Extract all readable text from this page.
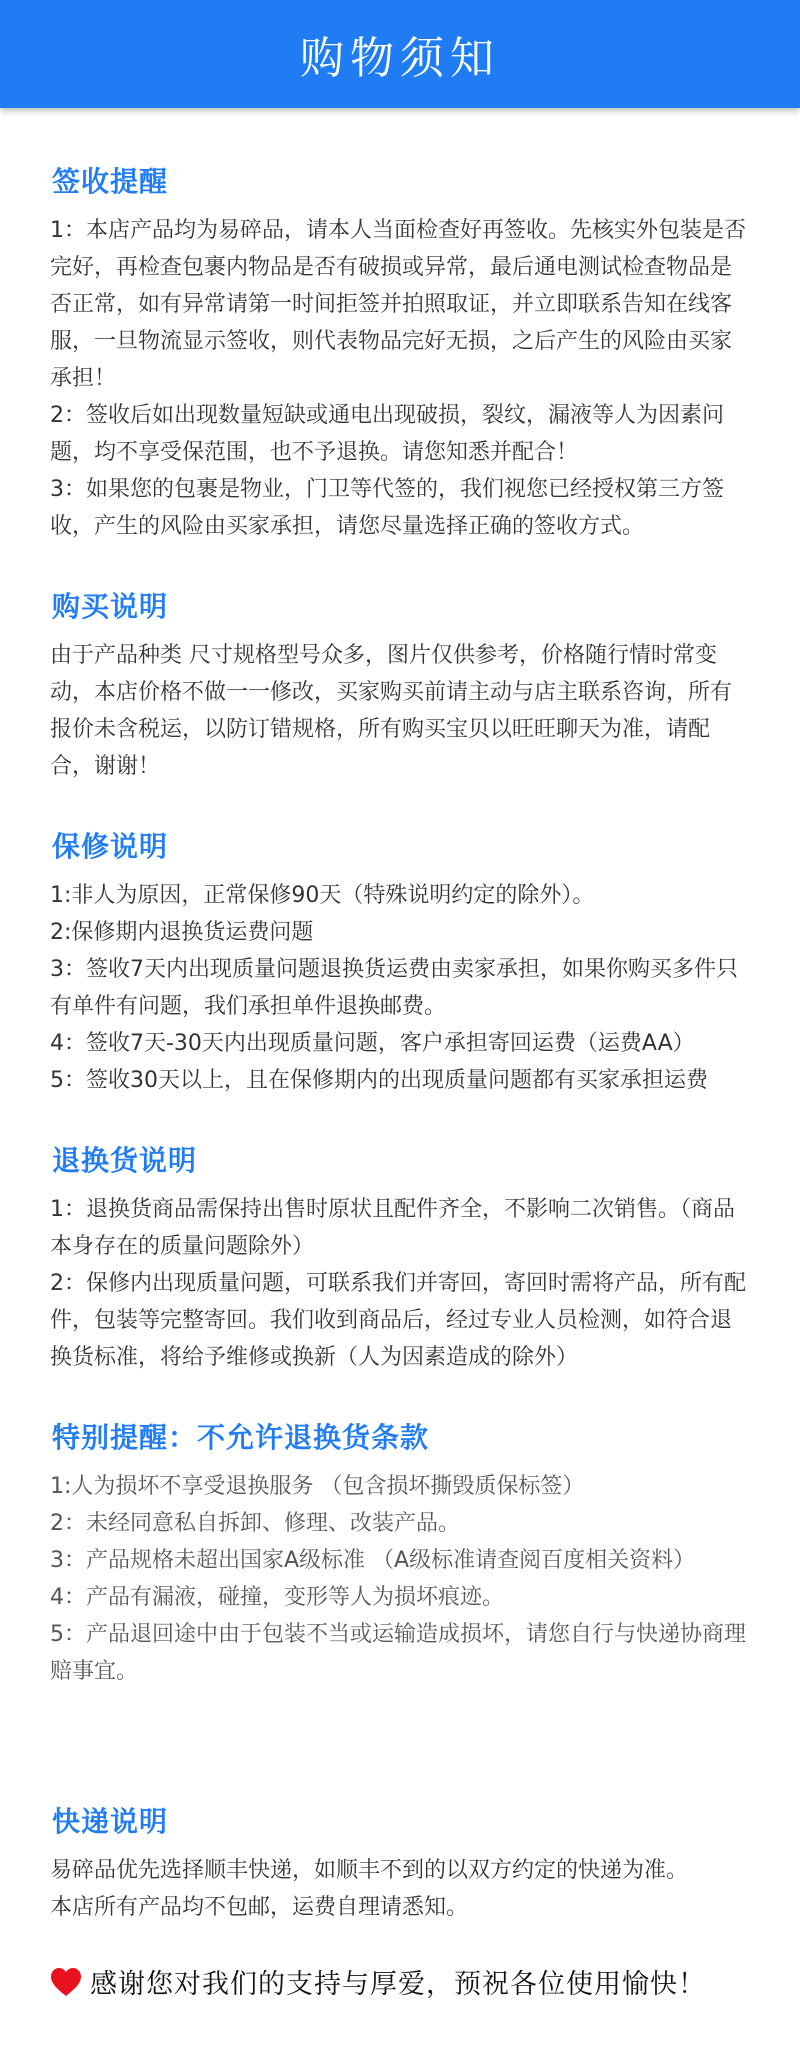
购物须知
签收提醒

1：本店产品均为易碎品，请本人当面检查好再签收。先核实外包装是否完好，再检查包裹内物品是否有破损或异常，最后通电测试检查物品是否正常，如有异常请第一时间拒签并拍照取证，并立即联系告知在线客服，一旦物流显示签收，则代表物品完好无损，之后产生的风险由买家承担！

2：签收后如出现数量短缺或通电出现破损，裂纹，漏液等人为因素问题，均不享受保范围，也不予退换。请您知悉并配合！

3：如果您的包裹是物业，门卫等代签的，我们视您已经授权第三方签收，产生的风险由买家承担，请您尽量选择正确的签收方式。

购买说明

由于产品种类 尺寸规格型号众多，图片仅供参考，价格随行情时常变动，本店价格不做一一修改，买家购买前请主动与店主联系咨询，所有报价未含税运，以防订错规格，所有购买宝贝以旺旺聊天为准，请配合，谢谢！

保修说明

1:非人为原因，正常保修90天（特殊说明约定的除外）。

2:保修期内退换货运费问题

3：签收7天内出现质量问题退换货运费由卖家承担，如果你购买多件只有单件有问题，我们承担单件退换邮费。

4：签收7天-30天内出现质量问题，客户承担寄回运费（运费AA）

5：签收30天以上，且在保修期内的出现质量问题都有买家承担运费

退换货说明

1：退换货商品需保持出售时原状且配件齐全，不影响二次销售。（商品本身存在的质量问题除外）

2：保修内出现质量问题，可联系我们并寄回，寄回时需将产品，所有配件，包装等完整寄回。我们收到商品后，经过专业人员检测，如符合退换货标准，将给予维修或换新（人为因素造成的除外）

特别提醒：不允许退换货条款

1:人为损坏不享受退换服务 （包含损坏撕毁质保标签）

2：未经同意私自拆卸、修理、改装产品。

3：产品规格未超出国家A级标准 （A级标准请查阅百度相关资料）

4：产品有漏液，碰撞，变形等人为损坏痕迹。

5：产品退回途中由于包装不当或运输造成损坏，请您自行与快递协商理赔事宜。

快递说明

易碎品优先选择顺丰快递，如顺丰不到的以双方约定的快递为准。

本店所有产品均不包邮，运费自理请悉知。

感谢您对我们的支持与厚爱，预祝各位使用愉快！
